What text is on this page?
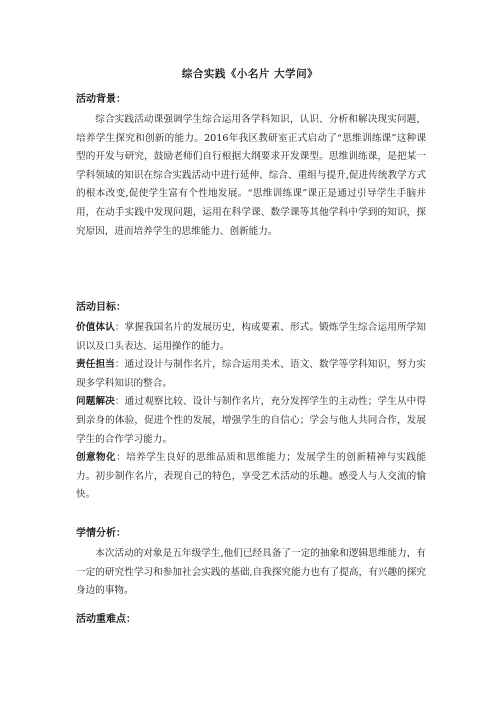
综合实践《小名片 大学问》

活动背景：

综合实践活动课强调学生综合运用各学科知识，认识、分析和解决现实问题，培养学生探究和创新的能力。2016年我区教研室正式启动了“思维训练课”这种课型的开发与研究，鼓励老师们自行根据大纲要求开发课型。思维训练课，是把某一学科领域的知识在综合实践活动中进行延伸、综合、重组与提升,促进传统教学方式的根本改变,促使学生富有个性地发展。“思维训练课”课正是通过引导学生手脑并用，在动手实践中发现问题，运用在科学课、数学课等其他学科中学到的知识，探究原因，进而培养学生的思维能力、创新能力。

活动目标：

价值体认：掌握我国名片的发展历史，构成要素、形式。锻炼学生综合运用所学知识以及口头表达、运用操作的能力。

责任担当：通过设计与制作名片，综合运用美术、语文、数学等学科知识，努力实现多学科知识的整合。

问题解决：通过观察比较、设计与制作名片，充分发挥学生的主动性；学生从中得到亲身的体验，促进个性的发展，增强学生的自信心；学会与他人共同合作，发展学生的合作学习能力。

创意物化：培养学生良好的思维品质和思维能力；发展学生的创新精神与实践能力。初步制作名片，表现自己的特色，享受艺术活动的乐趣。感受人与人交流的愉快。

学情分析：

本次活动的对象是五年级学生,他们已经具备了一定的抽象和逻辑思维能力，有一定的研究性学习和参加社会实践的基础,自我探究能力也有了提高，有兴趣的探究身边的事物。

活动重难点：
